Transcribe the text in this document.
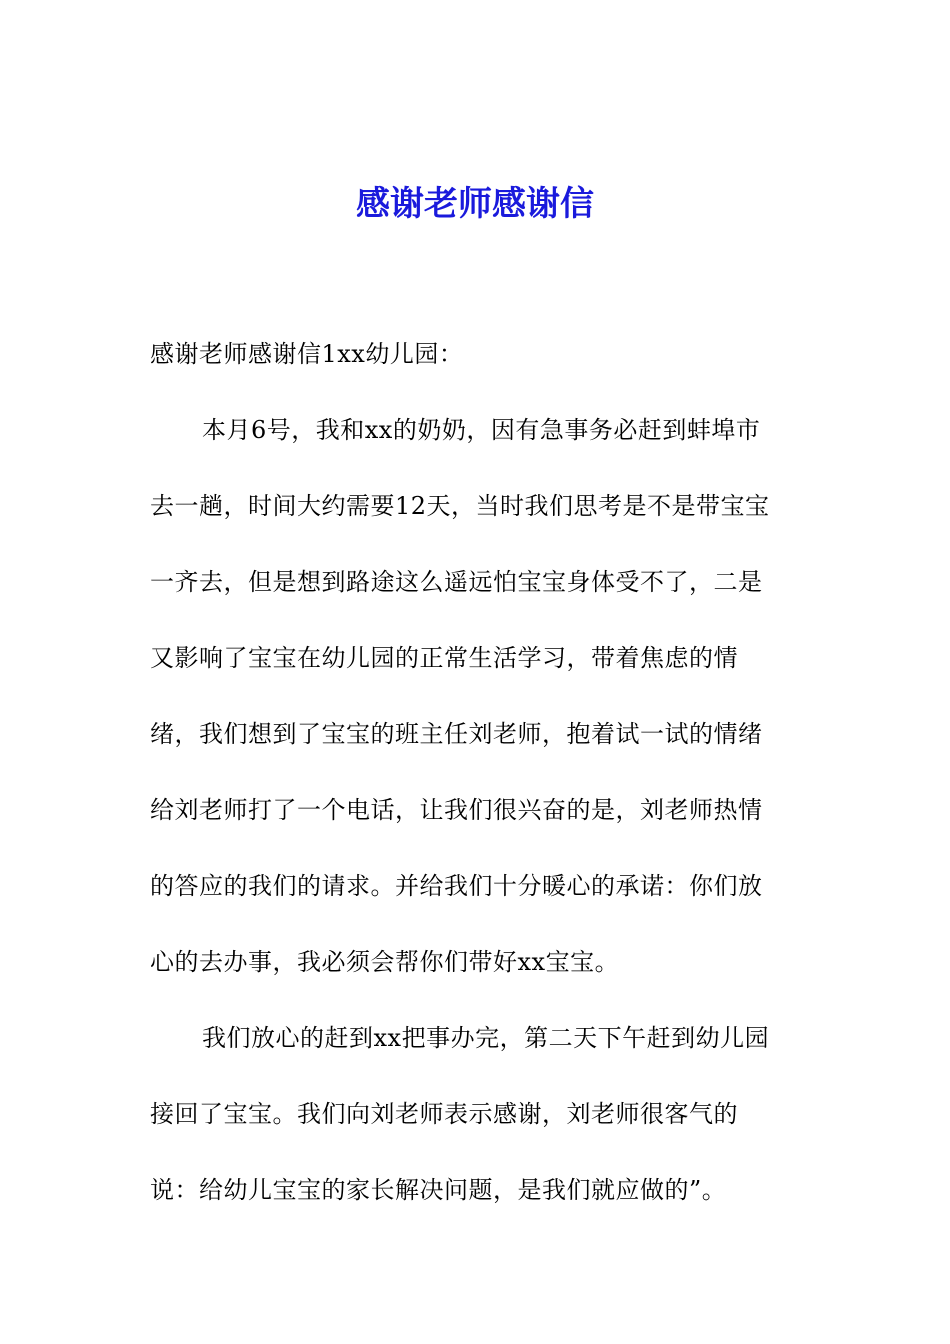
感谢老师感谢信
感谢老师感谢信1xx幼儿园：
本月6号，我和xx的奶奶，因有急事务必赶到蚌埠市
去一趟，时间大约需要12天，当时我们思考是不是带宝宝
一齐去，但是想到路途这么遥远怕宝宝身体受不了，二是
又影响了宝宝在幼儿园的正常生活学习，带着焦虑的情
绪，我们想到了宝宝的班主任刘老师，抱着试一试的情绪
给刘老师打了一个电话，让我们很兴奋的是，刘老师热情
的答应的我们的请求。并给我们十分暖心的承诺：你们放
心的去办事，我必须会帮你们带好xx宝宝。
我们放心的赶到xx把事办完，第二天下午赶到幼儿园
接回了宝宝。我们向刘老师表示感谢，刘老师很客气的
说：给幼儿宝宝的家长解决问题，是我们就应做的”。
